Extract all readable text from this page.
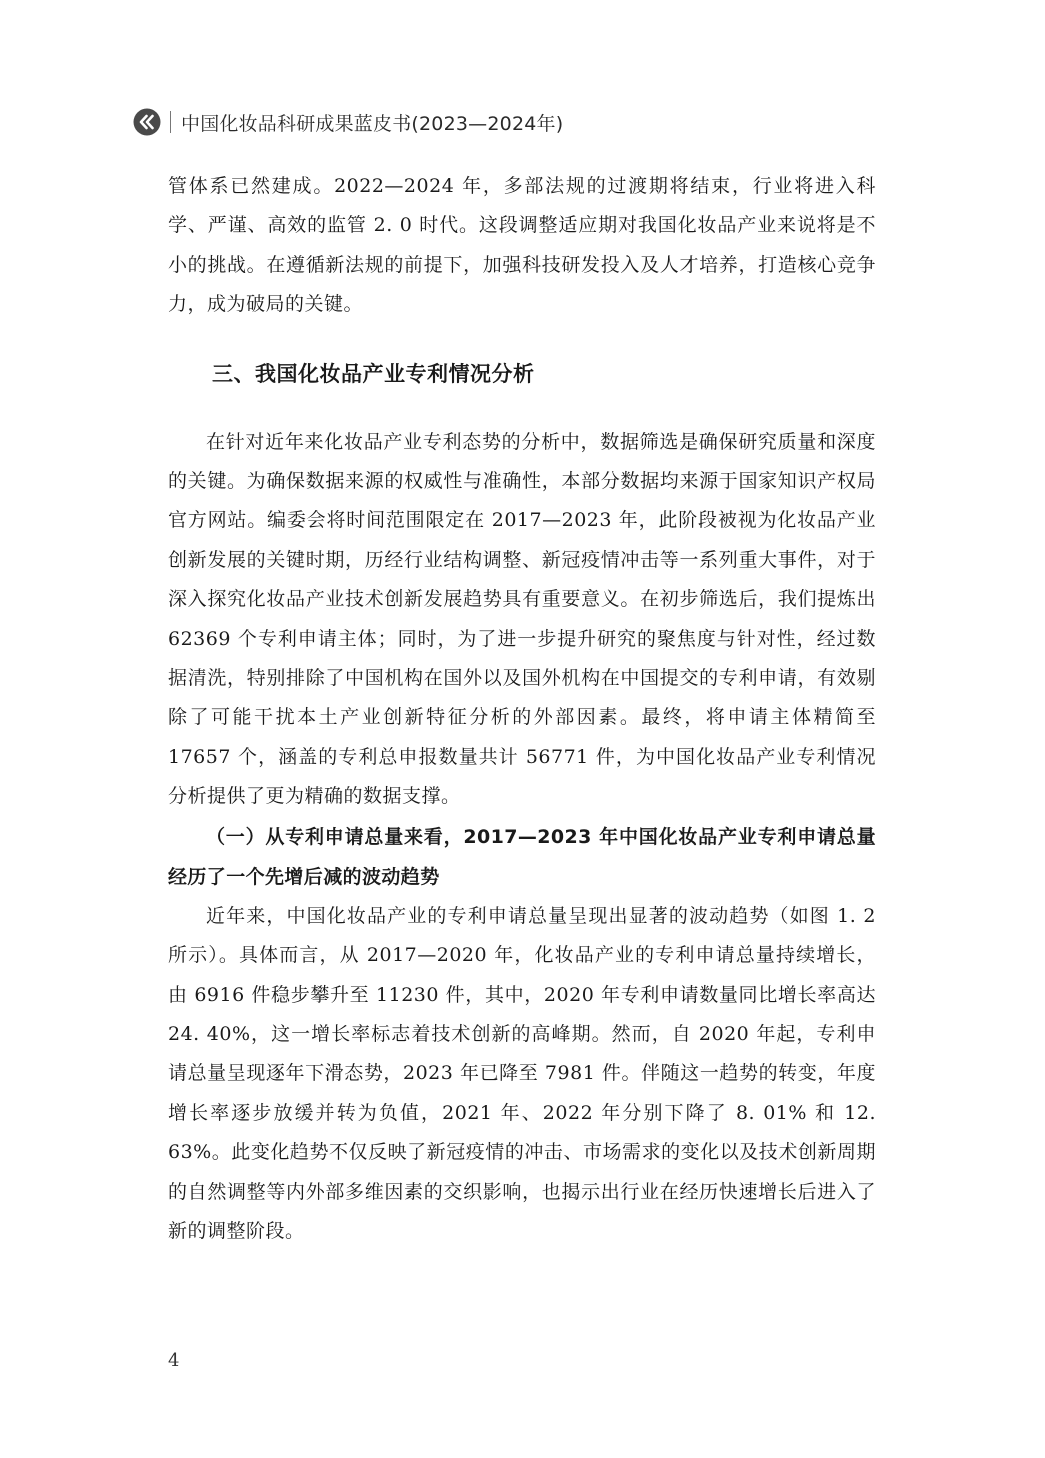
中国化妆品科研成果蓝皮书(2023—2024年)

管体系已然建成。2022—2024 年，多部法规的过渡期将结束，行业将进入科学、严谨、高效的监管 2. 0 时代。这段调整适应期对我国化妆品产业来说将是不小的挑战。在遵循新法规的前提下，加强科技研发投入及人才培养，打造核心竞争力，成为破局的关键。

三、我国化妆品产业专利情况分析

在针对近年来化妆品产业专利态势的分析中，数据筛选是确保研究质量和深度的关键。为确保数据来源的权威性与准确性，本部分数据均来源于国家知识产权局官方网站。编委会将时间范围限定在 2017—2023 年，此阶段被视为化妆品产业创新发展的关键时期，历经行业结构调整、新冠疫情冲击等一系列重大事件，对于深入探究化妆品产业技术创新发展趋势具有重要意义。在初步筛选后，我们提炼出 62369 个专利申请主体；同时，为了进一步提升研究的聚焦度与针对性，经过数据清洗，特别排除了中国机构在国外以及国外机构在中国提交的专利申请，有效剔除了可能干扰本土产业创新特征分析的外部因素。最终，将申请主体精简至 17657 个，涵盖的专利总申报数量共计 56771 件，为中国化妆品产业专利情况分析提供了更为精确的数据支撑。

（一）从专利申请总量来看，2017—2023 年中国化妆品产业专利申请总量经历了一个先增后减的波动趋势

近年来，中国化妆品产业的专利申请总量呈现出显著的波动趋势（如图 1. 2 所示）。具体而言，从 2017—2020 年，化妆品产业的专利申请总量持续增长，由 6916 件稳步攀升至 11230 件，其中，2020 年专利申请数量同比增长率高达 24. 40%，这一增长率标志着技术创新的高峰期。然而，自 2020 年起，专利申请总量呈现逐年下滑态势，2023 年已降至 7981 件。伴随这一趋势的转变，年度增长率逐步放缓并转为负值，2021 年、2022 年分别下降了 8. 01% 和 12. 63%。此变化趋势不仅反映了新冠疫情的冲击、市场需求的变化以及技术创新周期的自然调整等内外部多维因素的交织影响，也揭示出行业在经历快速增长后进入了新的调整阶段。

4
